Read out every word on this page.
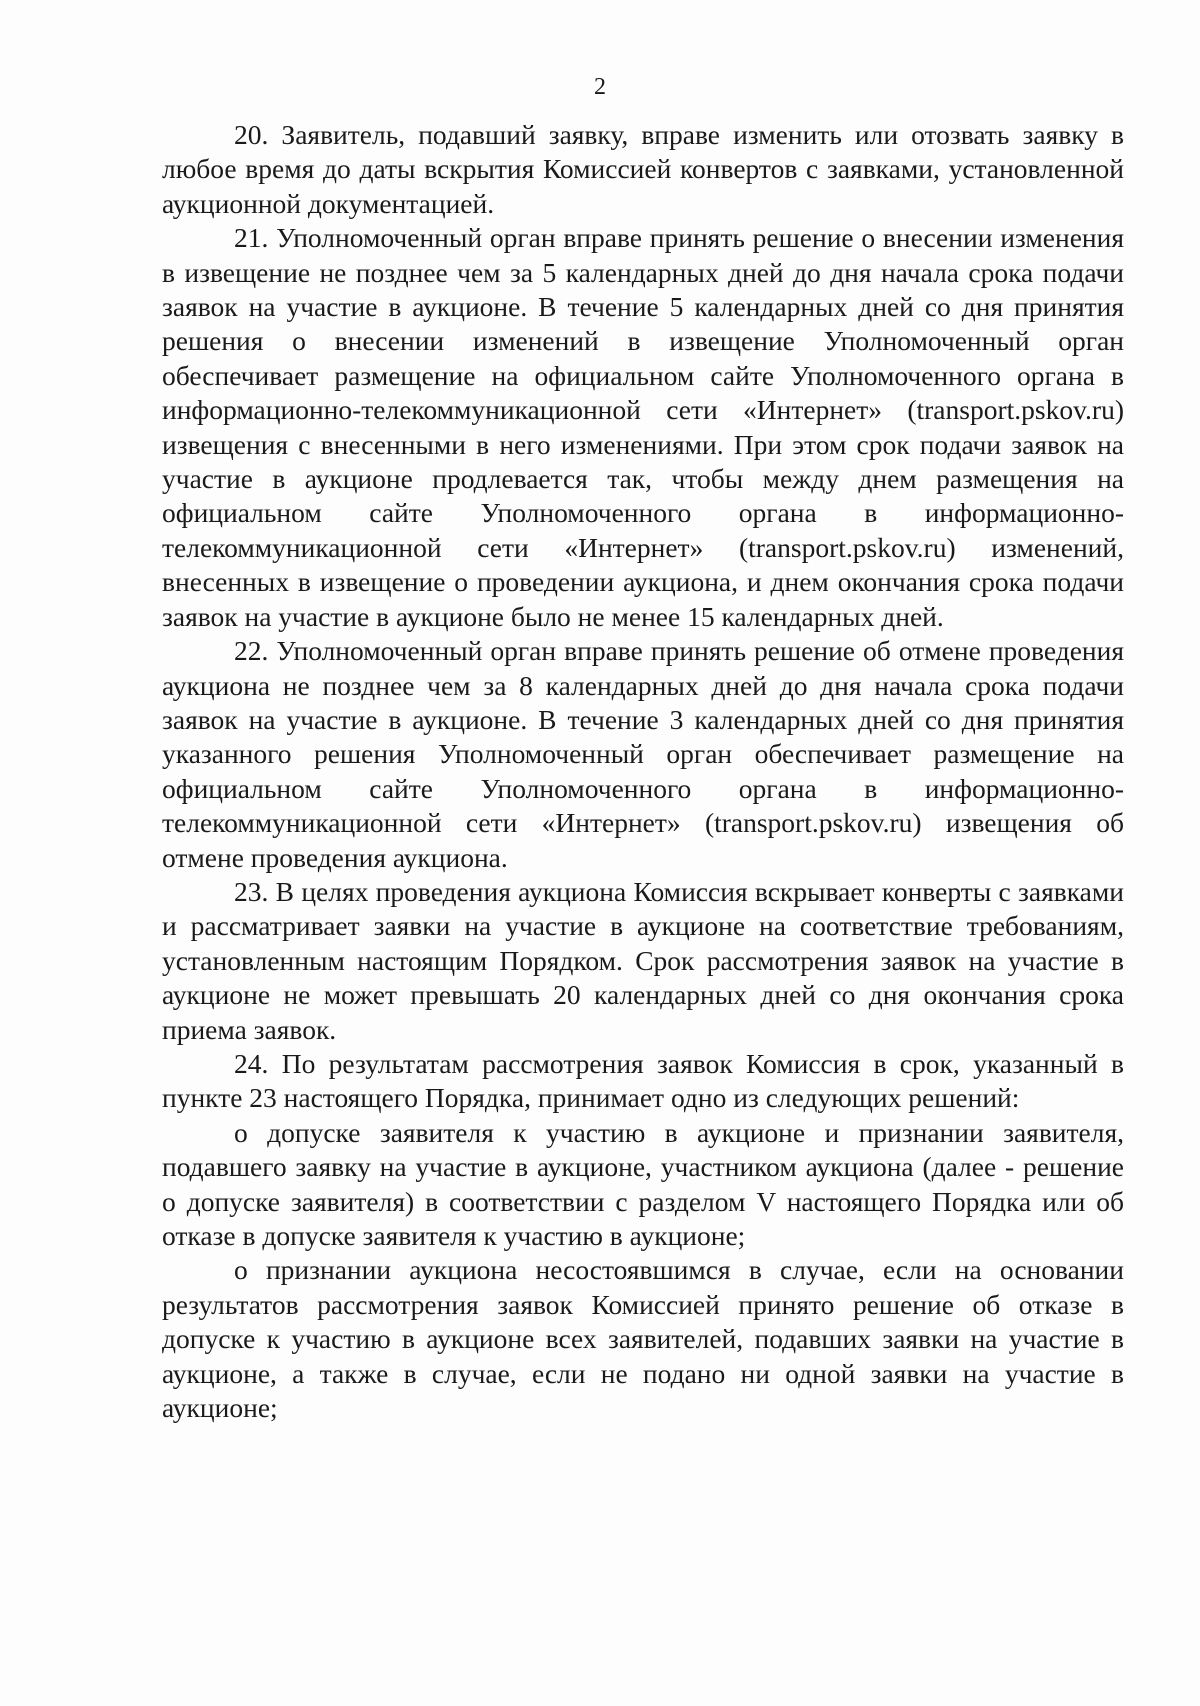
2

20. Заявитель, подавший заявку, вправе изменить или отозвать заявку в любое время до даты вскрытия Комиссией конвертов с заявками, установленной аукционной документацией.

21. Уполномоченный орган вправе принять решение о внесении изменения в извещение не позднее чем за 5 календарных дней до дня начала срока подачи заявок на участие в аукционе. В течение 5 календарных дней со дня принятия решения о внесении изменений в извещение Уполномоченный орган обеспечивает размещение на официальном сайте Уполномоченного органа в информационно-телекоммуникационной сети «Интернет» (transport.pskov.ru) извещения с внесенными в него изменениями. При этом срок подачи заявок на участие в аукционе продлевается так, чтобы между днем размещения на официальном сайте Уполномоченного органа в информационно-телекоммуникационной сети «Интернет» (transport.pskov.ru) изменений, внесенных в извещение о проведении аукциона, и днем окончания срока подачи заявок на участие в аукционе было не менее 15 календарных дней.

22. Уполномоченный орган вправе принять решение об отмене проведения аукциона не позднее чем за 8 календарных дней до дня начала срока подачи заявок на участие в аукционе. В течение 3 календарных дней со дня принятия указанного решения Уполномоченный орган обеспечивает размещение на официальном сайте Уполномоченного органа в информационно-телекоммуникационной сети «Интернет» (transport.pskov.ru) извещения об отмене проведения аукциона.

23. В целях проведения аукциона Комиссия вскрывает конверты с заявками и рассматривает заявки на участие в аукционе на соответствие требованиям, установленным настоящим Порядком. Срок рассмотрения заявок на участие в аукционе не может превышать 20 календарных дней со дня окончания срока приема заявок.

24. По результатам рассмотрения заявок Комиссия в срок, указанный в пункте 23 настоящего Порядка, принимает одно из следующих решений:

о допуске заявителя к участию в аукционе и признании заявителя, подавшего заявку на участие в аукционе, участником аукциона (далее - решение о допуске заявителя) в соответствии с разделом V настоящего Порядка или об отказе в допуске заявителя к участию в аукционе;

о признании аукциона несостоявшимся в случае, если на основании результатов рассмотрения заявок Комиссией принято решение об отказе в допуске к участию в аукционе всех заявителей, подавших заявки на участие в аукционе, а также в случае, если не подано ни одной заявки на участие в аукционе;
